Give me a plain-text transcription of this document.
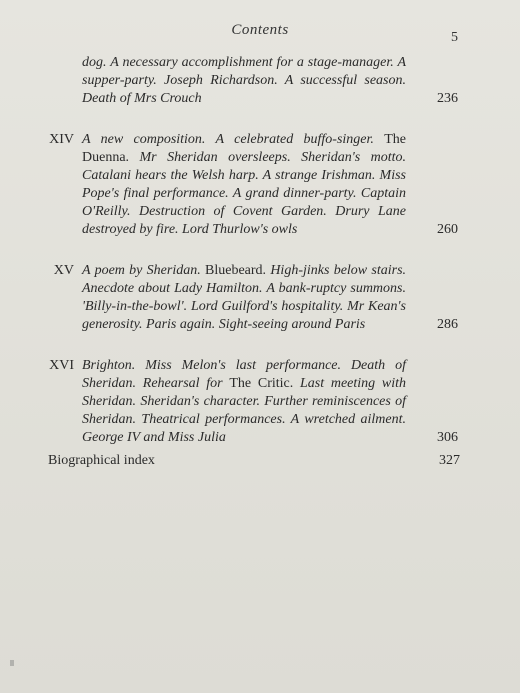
Contents	5
dog. A necessary accomplishment for a stage-manager. A supper-party. Joseph Richardson. A successful season. Death of Mrs Crouch	236
XIV A new composition. A celebrated buffo-singer. The Duenna. Mr Sheridan oversleeps. Sheridan's motto. Catalani hears the Welsh harp. A strange Irishman. Miss Pope's final performance. A grand dinner-party. Captain O'Reilly. Destruction of Covent Garden. Drury Lane destroyed by fire. Lord Thurlow's owls	260
XV A poem by Sheridan. Bluebeard. High-jinks below stairs. Anecdote about Lady Hamilton. A bank-ruptcy summons. 'Billy-in-the-bowl'. Lord Guilford's hospitality. Mr Kean's generosity. Paris again. Sight-seeing around Paris	286
XVI Brighton. Miss Melon's last performance. Death of Sheridan. Rehearsal for The Critic. Last meeting with Sheridan. Sheridan's character. Further reminiscences of Sheridan. Theatrical performances. A wretched ailment. George IV and Miss Julia	306
Biographical index	327
